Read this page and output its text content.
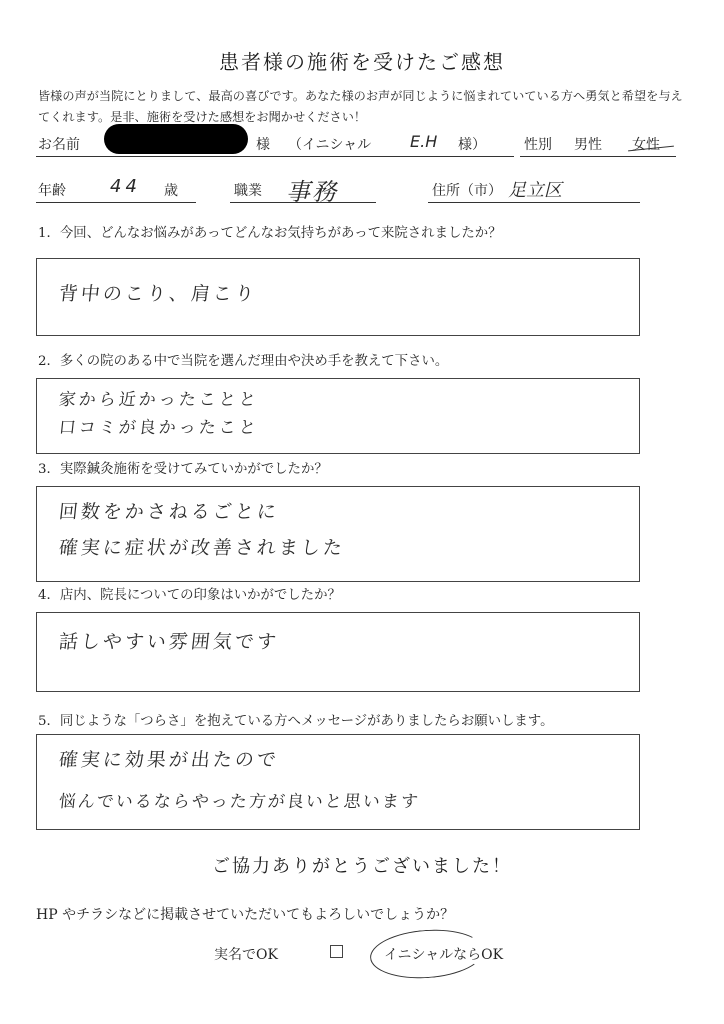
患者様の施術を受けたご感想
皆様の声が当院にとりまして、最高の喜びです。あなた様のお声が同じように悩まれていている方へ勇気と希望を与えてくれます。是非、施術を受けた感想をお聞かせください！
お名前	様 （イニシャル E.H 様）	性別 男性 女性
年齢 44 歳	職業 事務	住所（市） 足立区
1．今回、どんなお悩みがあってどんなお気持ちがあって来院されましたか？
背中のこり、肩こり
2．多くの院のある中で当院を選んだ理由や決め手を教えて下さい。
家から近かったことと
口コミが良かったこと
3．実際鍼灸施術を受けてみていかがでしたか？
回数をかさねるごとに
確実に症状が改善されました
4．店内、院長についての印象はいかがでしたか？
話しやすい雰囲気です
5．同じような「つらさ」を抱えている方へメッセージがありましたらお願いします。
確実に効果が出たので
悩んでいるならやった方が良いと思います
ご協力ありがとうございました！
HP やチラシなどに掲載させていただいてもよろしいでしょうか？
実名でOK	イニシャルならOK
